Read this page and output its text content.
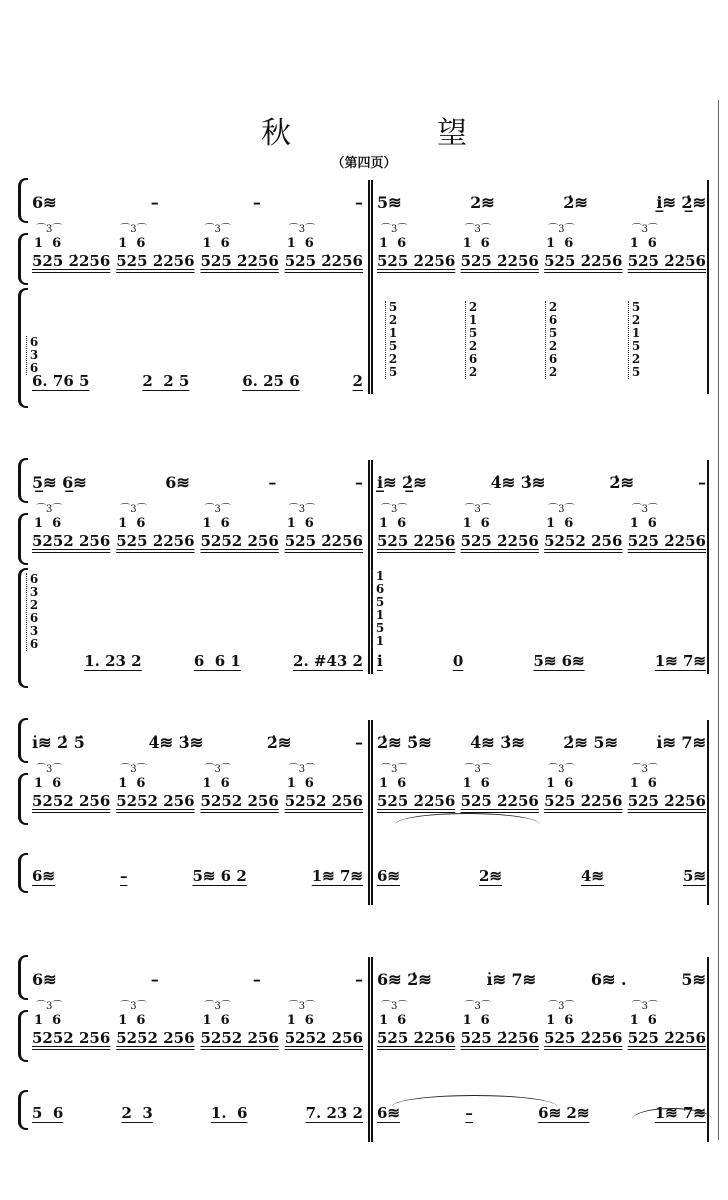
秋　望
（第四页）
6≋	–	–	– 5≋	2≋	2̇≋	i̲≋ 2̲̇≋
1  6 525 2̇256 ⌒3⌒ 1  6 525 2̇256 ⌒3⌒ 1  6 525 2̇256 ⌒3⌒ 1  6 525 2̇256 ⌒3⌒ 1  6 525 2̇256 ⌒3⌒ 1  6 525 2̇256 ⌒3⌒ 1  6 525 2̇256 ⌒3⌒ 1  6 525 2̇256 ⌒3⌒
6. 76 5	2  2 5	6. 25 6	2
6
3
6
5
2
1
5
2
5
2
1
5
2
6
2
2
6
5
2
6
2
5
2
1
5
2
5
5̲≋ 6̲≋	6≋	–	– i̲≋ 2̲̇≋	4̇≋ 3̇≋	2̇≋	–
1  6 5252 256 ⌒3⌒ 1  6 525 2̇256 ⌒3⌒ 1  6 5252 256 ⌒3⌒ 1  6 525 2̇256 ⌒3⌒ 1  6 525 2̇256 ⌒3⌒ 1  6 525 2̇256 ⌒3⌒ 1  6 5252 256 ⌒3⌒ 1  6 525 2̇256 ⌒3⌒
1. 23 2	6  6 1	2. #43 2 i	0	5≋ 6≋	1≋ 7≋
6
3
2
6
3
6
1
6
5
1
5
1
i̇≋ 2̇ 5̇	4̇≋ 3̇≋	2̇≋	– 2̇≋ 5̇≋ 4̇≋ 3̇≋ 2̇≋ 5≋ i̇≋ 7≋
1  6 5252 256 ⌒3⌒ 1  6 5252 256 ⌒3⌒ 1  6 5252 256 ⌒3⌒ 1  6 5252 256 ⌒3⌒ 1  6 525 2̇256 ⌒3⌒ 1  6 525 2̇256 ⌒3⌒ 1  6 525 2̇256 ⌒3⌒ 1  6 525 2̇256 ⌒3⌒
6≋	–	5≋ 6 2	1≋ 7≋ 6≋	2≋	4≋	5≋
6≋	–	–	– 6≋ 2̇≋	i̇≋ 7≋	6≋ .	5≋
1  6 5252 256 ⌒3⌒ 1  6 5252 256 ⌒3⌒ 1  6 5252 256 ⌒3⌒ 1  6 5252 256 ⌒3⌒ 1  6 525 2̇256 ⌒3⌒ 1  6 525 2̇256 ⌒3⌒ 1  6 525 2̇256 ⌒3⌒ 1  6 525 2̇256 ⌒3⌒
5  6	2  3	1.  6	7. 23 2 6≋	–	6≋ 2≋	1≋ 7≋
